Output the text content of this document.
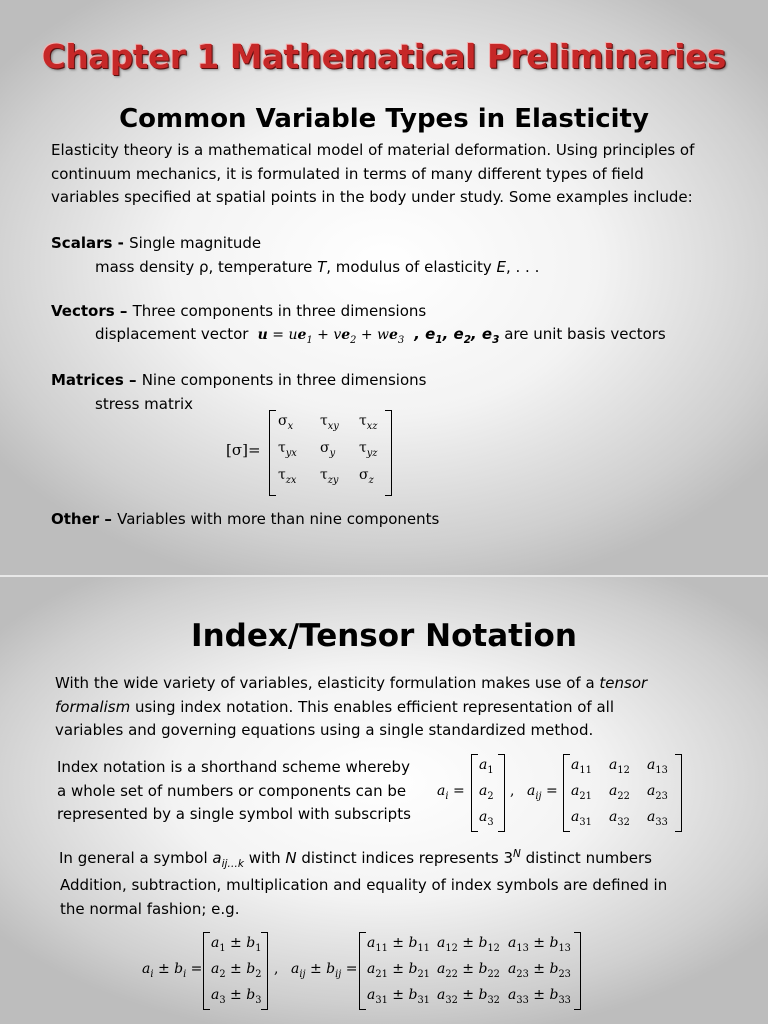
Chapter 1 Mathematical Preliminaries
Common Variable Types in Elasticity
Elasticity theory is a mathematical model of material deformation. Using principles of
continuum mechanics, it is formulated in terms of many different types of field
variables specified at spatial points in the body under study. Some examples include:
Scalars - Single magnitude
mass density ρ, temperature T, modulus of elasticity E, . . .
Vectors – Three components in three dimensions
displacement vector $u = ue_1 + ve_2 + we_3$  , $e_1$, $e_2$, $e_3$ are unit basis vectors
Matrices – Nine components in three dimensions
stress matrix
[σ]=
$\sigma_x$ $\tau_{xy}$ $\tau_{xz}$
$\tau_{yx}$ $\sigma_y$ $\tau_{yz}$
$\tau_{zx}$ $\tau_{zy}$ $\sigma_z$
Other – Variables with more than nine components
Index/Tensor Notation
With the wide variety of variables, elasticity formulation makes use of a tensor
formalism using index notation. This enables efficient representation of all
variables and governing equations using a single standardized method.
Index notation is a shorthand scheme whereby
a whole set of numbers or components can be
represented by a single symbol with subscripts
$a_i$ =
$a_1$
$a_2$
$a_3$
, $a_{ij}$ =
$a_{11}$ $a_{12}$ $a_{13}$
$a_{21}$ $a_{22}$ $a_{23}$
$a_{31}$ $a_{32}$ $a_{33}$
In general a symbol $a_{ij\dots k}$ with N distinct indices represents $3^N$ distinct numbers
Addition, subtraction, multiplication and equality of index symbols are defined in
the normal fashion; e.g.
$a_i \pm b_i$ =
$a_1 \pm b_1$
$a_2 \pm b_2$
$a_3 \pm b_3$
, $a_{ij} \pm b_{ij}$ =
$a_{11} \pm b_{11}$ $a_{12} \pm b_{12}$ $a_{13} \pm b_{13}$
$a_{21} \pm b_{21}$ $a_{22} \pm b_{22}$ $a_{23} \pm b_{23}$
$a_{31} \pm b_{31}$ $a_{32} \pm b_{32}$ $a_{33} \pm b_{33}$
